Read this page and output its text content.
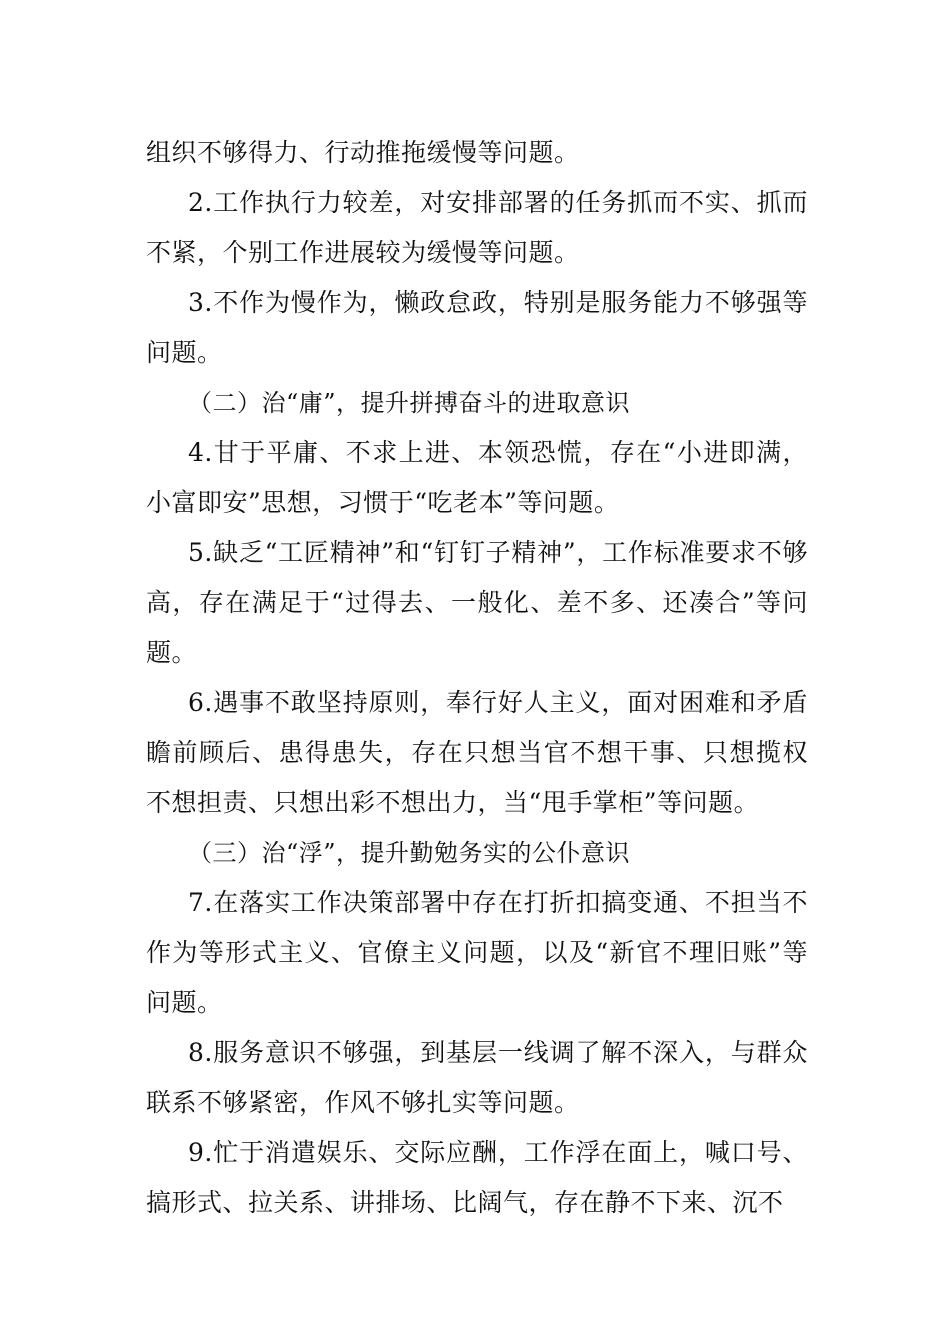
组织不够得力、行动推拖缓慢等问题。

2.工作执行力较差，对安排部署的任务抓而不实、抓而不紧，个别工作进展较为缓慢等问题。

3.不作为慢作为，懒政怠政，特别是服务能力不够强等问题。

（二）治“庸”，提升拼搏奋斗的进取意识

4.甘于平庸、不求上进、本领恐慌，存在“小进即满，小富即安”思想，习惯于“吃老本”等问题。

5.缺乏“工匠精神”和“钉钉子精神”，工作标准要求不够高，存在满足于“过得去、一般化、差不多、还凑合”等问题。

6.遇事不敢坚持原则，奉行好人主义，面对困难和矛盾瞻前顾后、患得患失，存在只想当官不想干事、只想揽权不想担责、只想出彩不想出力，当“甩手掌柜”等问题。

（三）治“浮”，提升勤勉务实的公仆意识

7.在落实工作决策部署中存在打折扣搞变通、不担当不作为等形式主义、官僚主义问题，以及“新官不理旧账”等问题。

8.服务意识不够强，到基层一线调了解不深入，与群众联系不够紧密，作风不够扎实等问题。

9.忙于消遣娱乐、交际应酬，工作浮在面上，喊口号、搞形式、拉关系、讲排场、比阔气，存在静不下来、沉不
